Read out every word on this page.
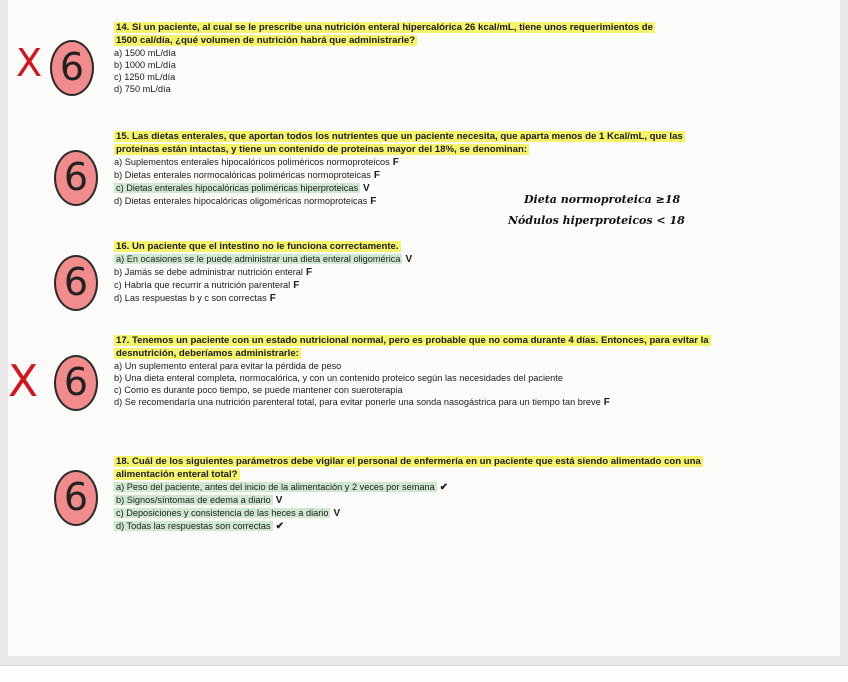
14. Si un paciente, al cual se le prescribe una nutrición enteral hipercalórica 26 kcal/mL, tiene unos requerimientos de 1500 cal/día, ¿qué volumen de nutrición habrá que administrarle?

a) 1500 mL/día

b) 1000 mL/día

c) 1250 mL/día

d) 750 mL/día

X 6

15. Las dietas enterales, que aportan todos los nutrientes que un paciente necesita, que aparta menos de 1 Kcal/mL, que las proteínas están intactas, y tiene un contenido de proteínas mayor del 18%, se denominan:

a) Suplementos enterales hipocalóricos poliméricos normoproteicos F

b) Dietas enterales normocalóricas poliméricas normoproteicas F

c) Dietas enterales hipocalóricas poliméricas hiperproteicas V

d) Dietas enterales hipocalóricas oligoméricas normoproteicas F

6
Dieta normoproteica ≥18
Nódulos hiperproteicos < 18

16. Un paciente que el intestino no le funciona correctamente.

a) En ocasiones se le puede administrar una dieta enteral oligomérica V

b) Jamás se debe administrar nutrición enteral F

c) Habría que recurrir a nutrición parenteral F

d) Las respuestas b y c son correctas F

6

17. Tenemos un paciente con un estado nutricional normal, pero es probable que no coma durante 4 días. Entonces, para evitar la desnutrición, deberíamos administrarle:

a) Un suplemento enteral para evitar la pérdida de peso

b) Una dieta enteral completa, normocalórica, y con un contenido proteico según las necesidades del paciente

c) Como es durante poco tiempo, se puede mantener con sueroterapia

d) Se recomendaría una nutrición parenteral total, para evitar ponerle una sonda nasogástrica para un tiempo tan breve F

X 6

18. Cuál de los siguientes parámetros debe vigilar el personal de enfermería en un paciente que está siendo alimentado con una alimentación enteral total?

a) Peso del paciente, antes del inicio de la alimentación y 2 veces por semana ✔

b) Signos/síntomas de edema a diario V

c) Deposiciones y consistencia de las heces a diario V

d) Todas las respuestas son correctas ✔

6
